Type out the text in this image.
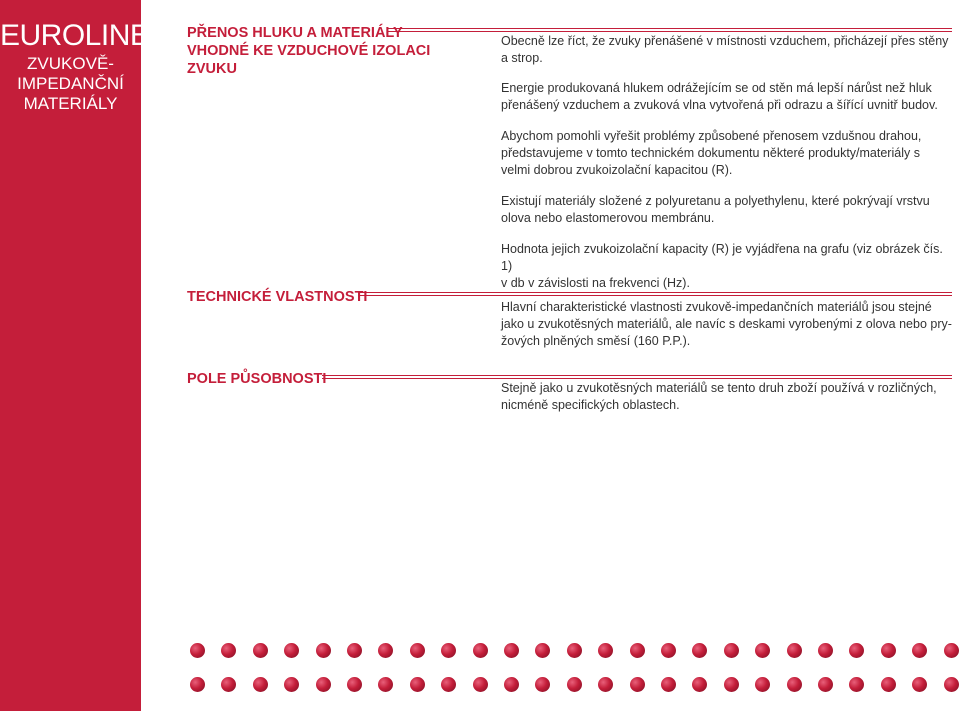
EUROLINE
ZVUKOVĚ-
IMPEDANČNÍ
MATERIÁLY
PŘENOS HLUKU A MATERIÁLY
VHODNÉ KE VZDUCHOVÉ IZOLACI
ZVUKU
Obecně lze říct, že zvuky přenášené v místnosti vzduchem, přicházejí přes stěny
a strop.
Energie produkovaná hlukem odrážejícím se od stěn má lepší nárůst než hluk
přenášený vzduchem a zvuková vlna vytvořená při odrazu a šířící uvnitř budov.
Abychom pomohli vyřešit problémy způsobené přenosem vzdušnou drahou,
představujeme v tomto technickém dokumentu některé produkty/materiály s
velmi dobrou zvukoizolační kapacitou (R).
Existují materiály složené z polyuretanu a polyethylenu, které pokrývají vrstvu
olova nebo elastomerovou membránu.
Hodnota jejich zvukoizolační kapacity (R) je vyjádřena na grafu (viz obrázek čís. 1)
v db v závislosti na frekvenci (Hz).
TECHNICKÉ VLASTNOSTI
Hlavní charakteristické vlastnosti zvukově-impedančních materiálů jsou stejné
jako u zvukotěsných materiálů, ale navíc s deskami vyrobenými z olova nebo pry-
žových plněných směsí (160 P.P.).
POLE PŮSOBNOSTI
Stejně jako u zvukotěsných materiálů se tento druh zboží používá v rozličných,
nicméně specifických oblastech.
